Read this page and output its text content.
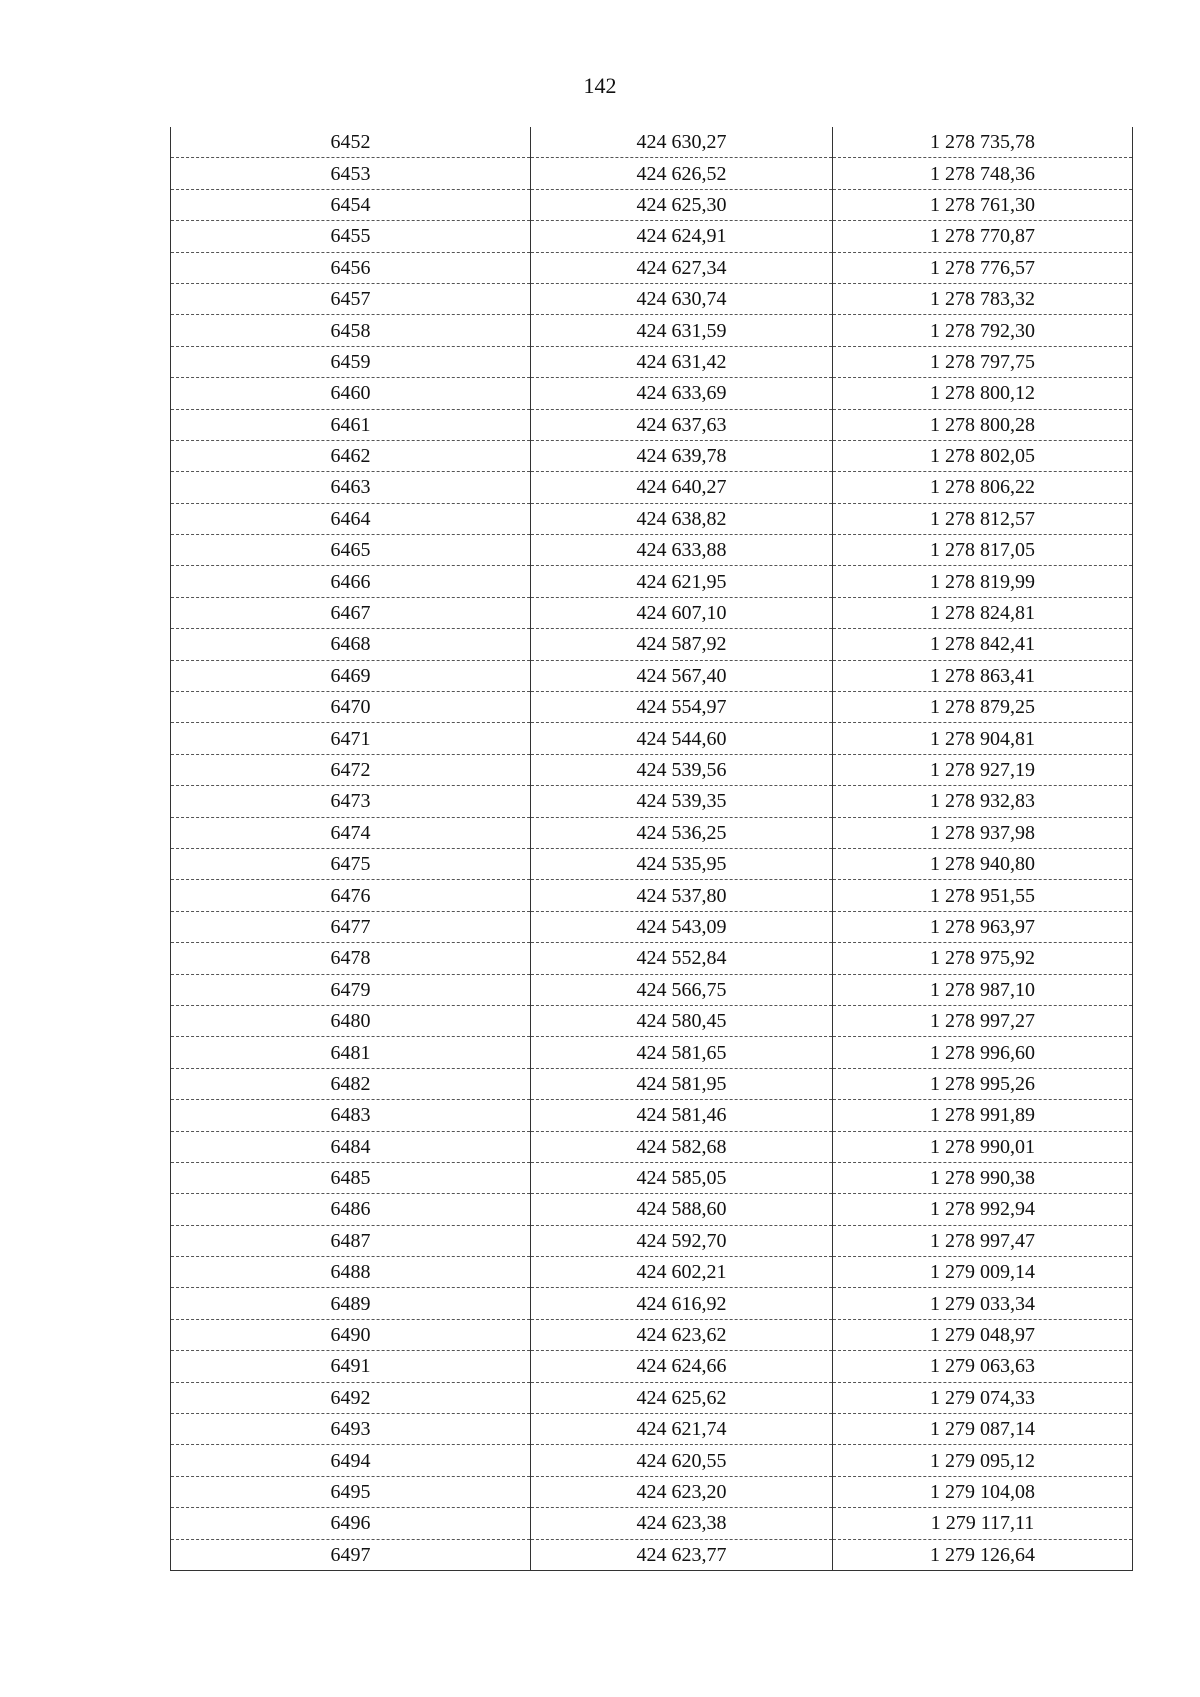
142
6452	424 630,27	1 278 735,78
6453	424 626,52	1 278 748,36
6454	424 625,30	1 278 761,30
6455	424 624,91	1 278 770,87
6456	424 627,34	1 278 776,57
6457	424 630,74	1 278 783,32
6458	424 631,59	1 278 792,30
6459	424 631,42	1 278 797,75
6460	424 633,69	1 278 800,12
6461	424 637,63	1 278 800,28
6462	424 639,78	1 278 802,05
6463	424 640,27	1 278 806,22
6464	424 638,82	1 278 812,57
6465	424 633,88	1 278 817,05
6466	424 621,95	1 278 819,99
6467	424 607,10	1 278 824,81
6468	424 587,92	1 278 842,41
6469	424 567,40	1 278 863,41
6470	424 554,97	1 278 879,25
6471	424 544,60	1 278 904,81
6472	424 539,56	1 278 927,19
6473	424 539,35	1 278 932,83
6474	424 536,25	1 278 937,98
6475	424 535,95	1 278 940,80
6476	424 537,80	1 278 951,55
6477	424 543,09	1 278 963,97
6478	424 552,84	1 278 975,92
6479	424 566,75	1 278 987,10
6480	424 580,45	1 278 997,27
6481	424 581,65	1 278 996,60
6482	424 581,95	1 278 995,26
6483	424 581,46	1 278 991,89
6484	424 582,68	1 278 990,01
6485	424 585,05	1 278 990,38
6486	424 588,60	1 278 992,94
6487	424 592,70	1 278 997,47
6488	424 602,21	1 279 009,14
6489	424 616,92	1 279 033,34
6490	424 623,62	1 279 048,97
6491	424 624,66	1 279 063,63
6492	424 625,62	1 279 074,33
6493	424 621,74	1 279 087,14
6494	424 620,55	1 279 095,12
6495	424 623,20	1 279 104,08
6496	424 623,38	1 279 117,11
6497	424 623,77	1 279 126,64
